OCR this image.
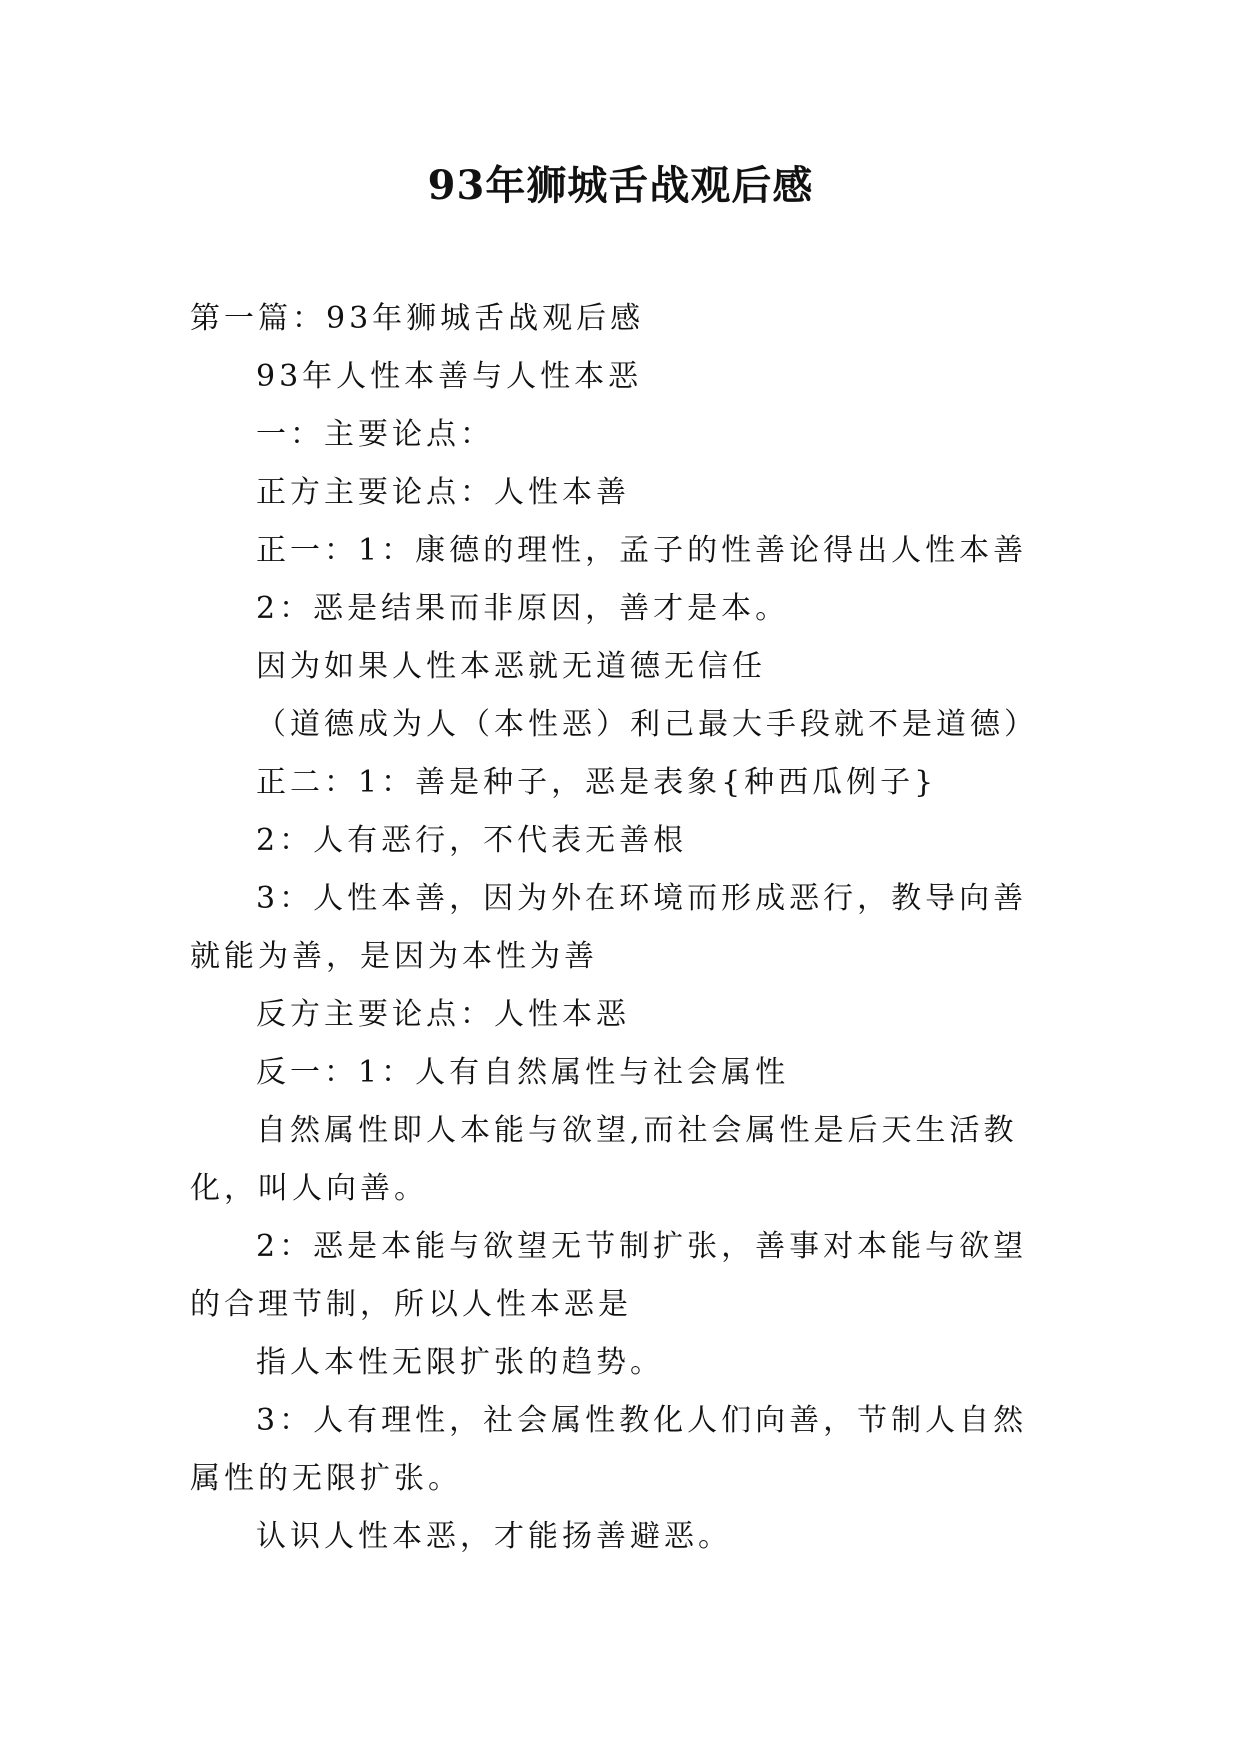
93年狮城舌战观后感

第一篇：93年狮城舌战观后感

93年人性本善与人性本恶

一：主要论点：

正方主要论点：人性本善

正一：1：康德的理性，孟子的性善论得出人性本善

2：恶是结果而非原因，善才是本。

因为如果人性本恶就无道德无信任

（道德成为人（本性恶）利己最大手段就不是道德）

正二：1：善是种子，恶是表象{种西瓜例子}

2：人有恶行，不代表无善根

3：人性本善，因为外在环境而形成恶行，教导向善就能为善，是因为本性为善

反方主要论点：人性本恶

反一：1：人有自然属性与社会属性

自然属性即人本能与欲望,而社会属性是后天生活教化，叫人向善。

2：恶是本能与欲望无节制扩张，善事对本能与欲望的合理节制，所以人性本恶是

指人本性无限扩张的趋势。

3：人有理性，社会属性教化人们向善，节制人自然属性的无限扩张。

认识人性本恶，才能扬善避恶。
